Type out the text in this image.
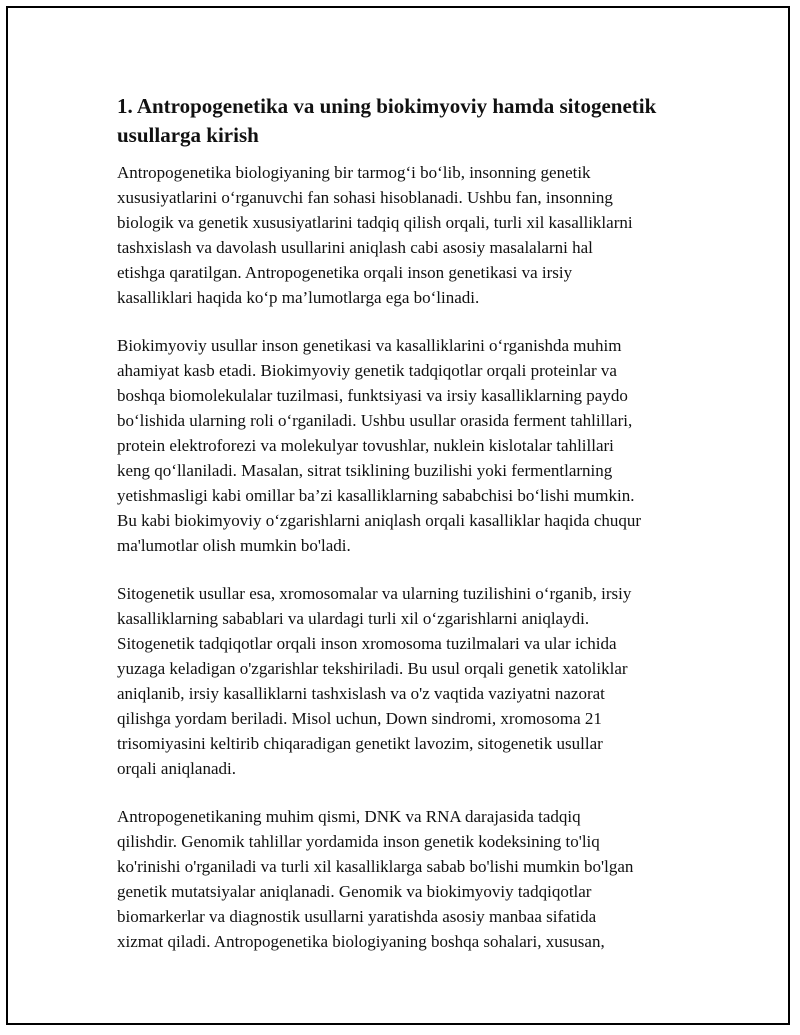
1. Antropogenetika va uning biokimyoviy hamda sitogenetik
usullarga kirish

Antropogenetika biologiyaning bir tarmog‘i bo‘lib, insonning genetik
xususiyatlarini o‘rganuvchi fan sohasi hisoblanadi. Ushbu fan, insonning
biologik va genetik xususiyatlarini tadqiq qilish orqali, turli xil kasalliklarni
tashxislash va davolash usullarini aniqlash cabi asosiy masalalarni hal
etishga qaratilgan. Antropogenetika orqali inson genetikasi va irsiy
kasalliklari haqida ko‘p ma’lumotlarga ega bo‘linadi.

Biokimyoviy usullar inson genetikasi va kasalliklarini o‘rganishda muhim
ahamiyat kasb etadi. Biokimyoviy genetik tadqiqotlar orqali proteinlar va
boshqa biomolekulalar tuzilmasi, funktsiyasi va irsiy kasalliklarning paydo
bo‘lishida ularning roli o‘rganiladi. Ushbu usullar orasida ferment tahlillari,
protein elektroforezi va molekulyar tovushlar, nuklein kislotalar tahlillari
keng qo‘llaniladi. Masalan, sitrat tsiklining buzilishi yoki fermentlarning
yetishmasligi kabi omillar ba’zi kasalliklarning sababchisi bo‘lishi mumkin.
Bu kabi biokimyoviy o‘zgarishlarni aniqlash orqali kasalliklar haqida chuqur
ma'lumotlar olish mumkin bo'ladi.

Sitogenetik usullar esa, xromosomalar va ularning tuzilishini o‘rganib, irsiy
kasalliklarning sabablari va ulardagi turli xil o‘zgarishlarni aniqlaydi.
Sitogenetik tadqiqotlar orqali inson xromosoma tuzilmalari va ular ichida
yuzaga keladigan o'zgarishlar tekshiriladi. Bu usul orqali genetik xatoliklar
aniqlanib, irsiy kasalliklarni tashxislash va o'z vaqtida vaziyatni nazorat
qilishga yordam beriladi. Misol uchun, Down sindromi, xromosoma 21
trisomiyasini keltirib chiqaradigan genetikt lavozim, sitogenetik usullar
orqali aniqlanadi.

Antropogenetikaning muhim qismi, DNK va RNA darajasida tadqiq
qilishdir. Genomik tahlillar yordamida inson genetik kodeksining to'liq
ko'rinishi o'rganiladi va turli xil kasalliklarga sabab bo'lishi mumkin bo'lgan
genetik mutatsiyalar aniqlanadi. Genomik va biokimyoviy tadqiqotlar
biomarkerlar va diagnostik usullarni yaratishda asosiy manbaa sifatida
xizmat qiladi. Antropogenetika biologiyaning boshqa sohalari, xususan,
